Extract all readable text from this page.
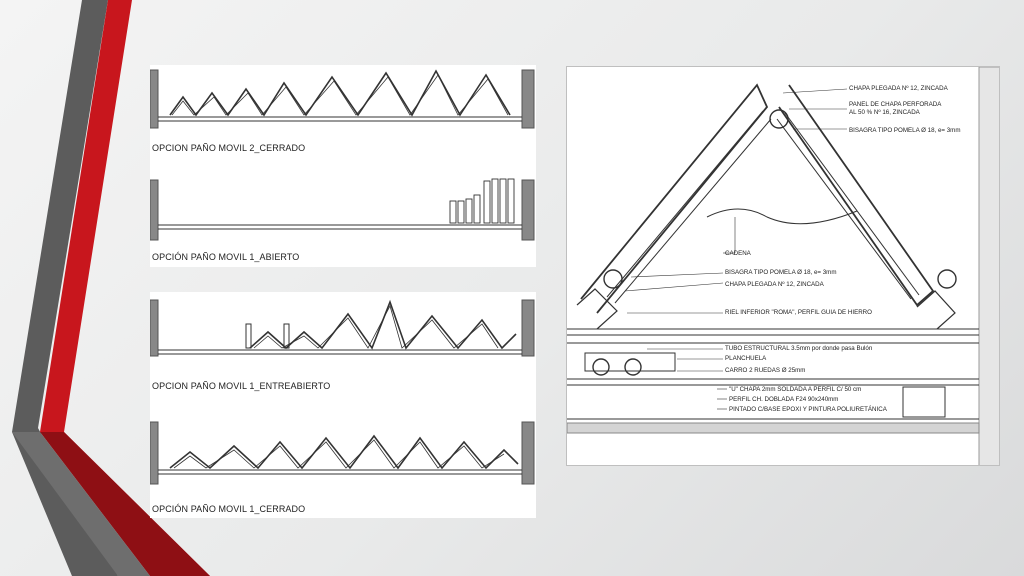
OPCION PAÑO MOVIL 2_CERRADO
OPCIÓN PAÑO MOVIL 1_ABIERTO
OPCION PAÑO MOVIL 1_ENTREABIERTO
OPCIÓN PAÑO MOVIL 1_CERRADO
CHAPA PLEGADA Nº 12, ZINCADA
PANEL DE CHAPA PERFORADA
AL 50 % Nº 16, ZINCADA
BISAGRA TIPO POMELA Ø 18, e= 3mm
CADENA
BISAGRA TIPO POMELA Ø 18, e= 3mm
CHAPA PLEGADA Nº 12, ZINCADA
RIEL INFERIOR "ROMA", PERFIL GUIA DE HIERRO
TUBO ESTRUCTURAL 3.5mm por donde pasa Bulón
PLANCHUELA
CARRO 2 RUEDAS Ø 25mm
"U" CHAPA 2mm SOLDADA A PERFIL C/ 50 cm
PERFIL CH. DOBLADA F24 90x240mm
PINTADO C/BASE EPOXI Y PINTURA POLIURETÁNICA
